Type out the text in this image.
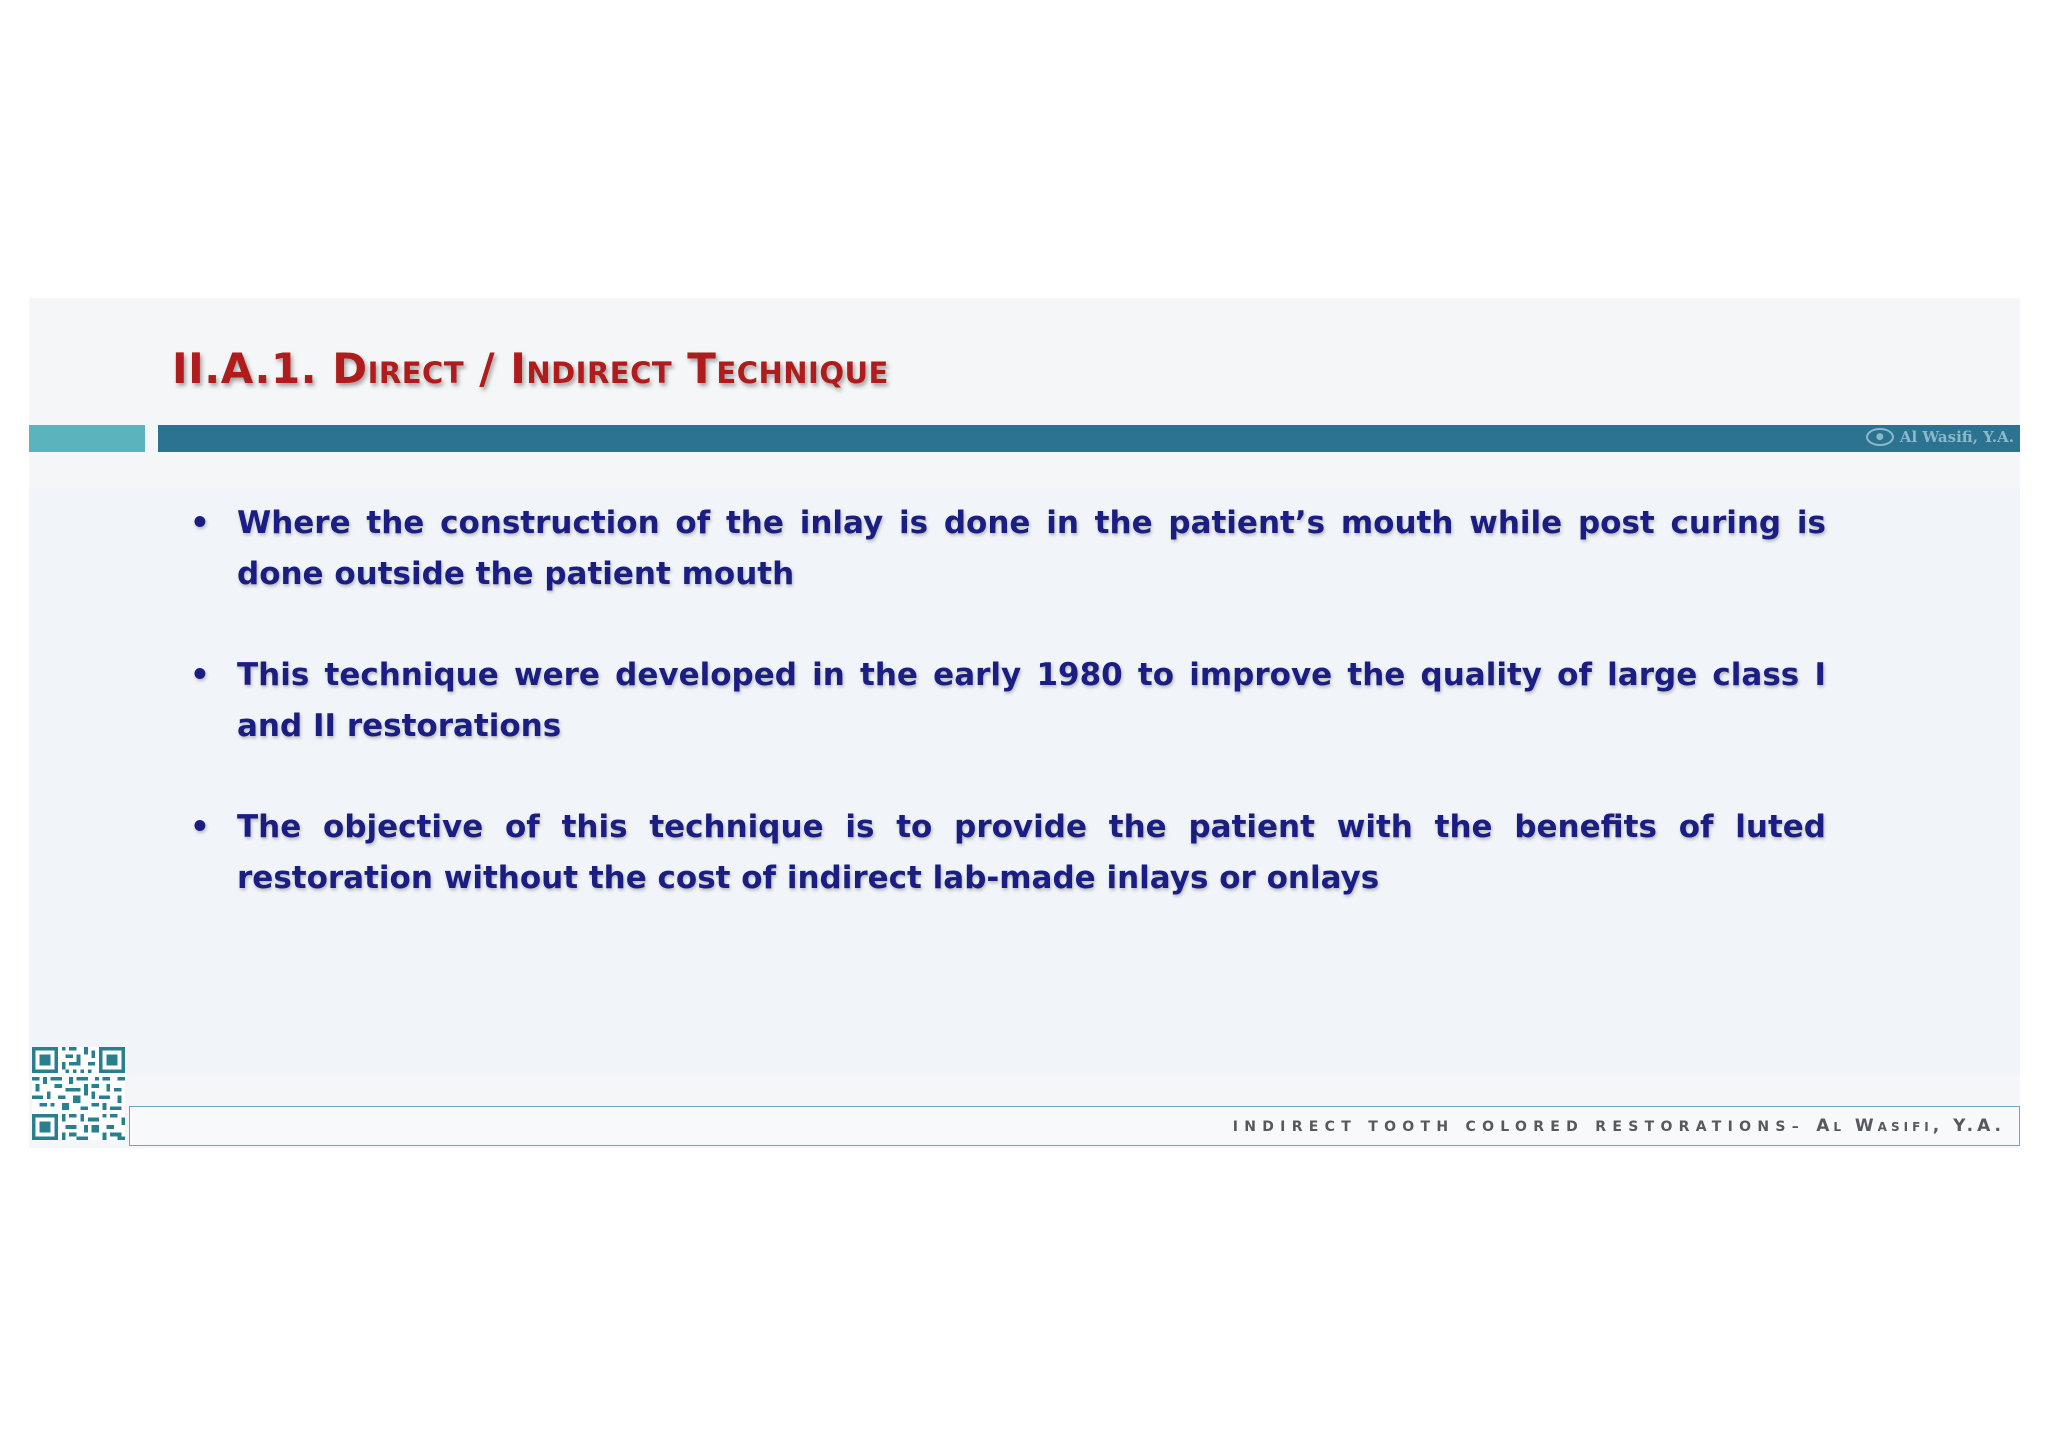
II.A.1. Direct / Indirect Technique
●	Al Wasifi, Y.A.
• Where the construction of the inlay is done in the patient’s mouth while post curing is done outside the patient mouth
• This technique were developed in the early 1980 to improve the quality of large class I and II restorations
• The objective of this technique is to provide the patient with the benefits of luted restoration without the cost of indirect lab-made inlays or onlays
INDIRECT TOOTH COLORED RESTORATIONS– Al Wasifi, Y.A.
